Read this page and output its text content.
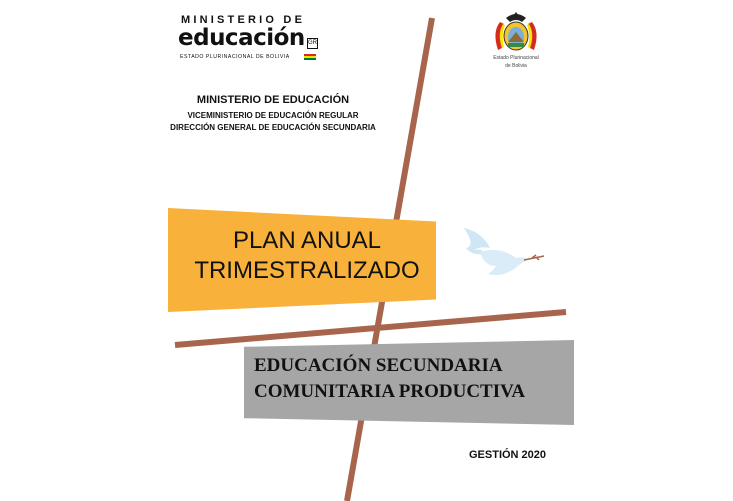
MINISTERIO DE
educación GR
ESTADO PLURINACIONAL DE BOLIVIA	Estado Plurinacional
de Bolivia
MINISTERIO DE EDUCACIÓN
VICEMINISTERIO DE EDUCACIÓN REGULAR
DIRECCIÓN GENERAL DE EDUCACIÓN SECUNDARIA
PLAN ANUAL
TRIMESTRALIZADO
EDUCACIÓN SECUNDARIA
COMUNITARIA PRODUCTIVA
GESTIÓN 2020
